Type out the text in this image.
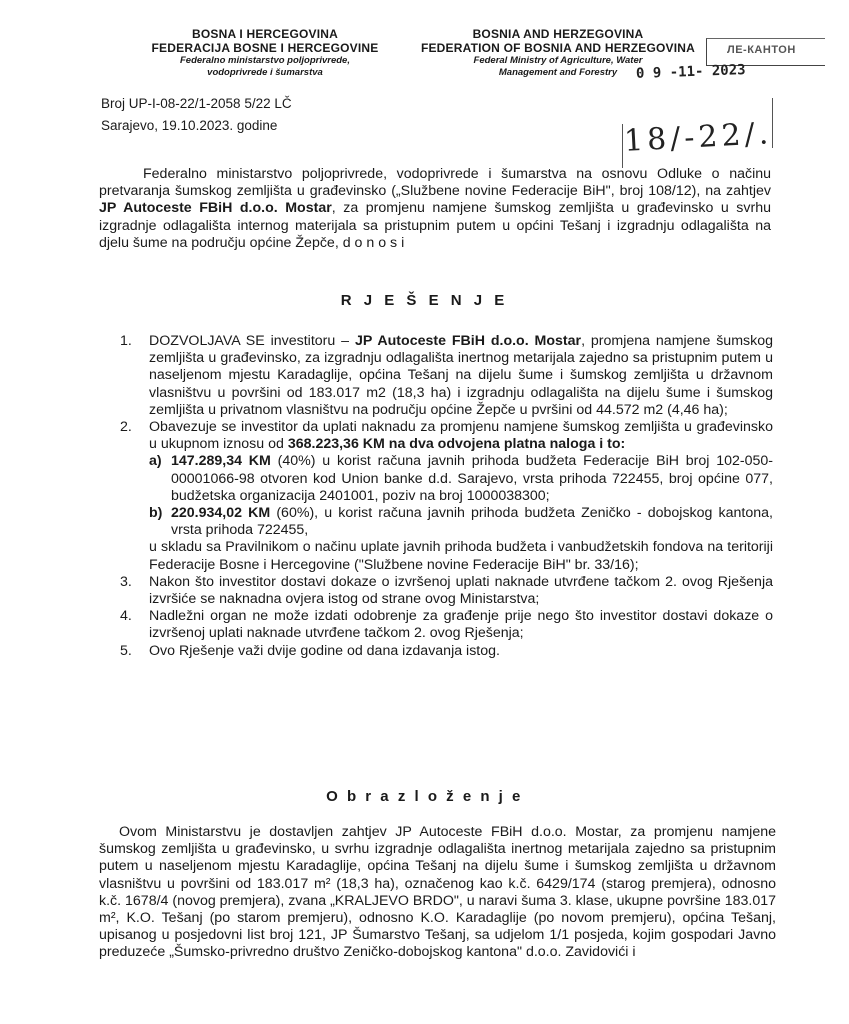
BOSNA I HERCEGOVINA
FEDERACIJA BOSNE I HERCEGOVINE
Federalno ministarstvo poljoprivrede,
vodoprivrede i šumarstva
BOSNIA AND HERZEGOVINA
FEDERATION OF BOSNIA AND HERZEGOVINA
Federal Ministry of Agriculture, Water
Management and Forestry
ЛЕ-КАНТОН
0 9 -11- 2023
18/-22/.
Broj UP-I-08-22/1-2058 5/22 LČ
Sarajevo, 19.10.2023. godine
Federalno ministarstvo poljoprivrede, vodoprivrede i šumarstva na osnovu Odluke o načinu pretvaranja šumskog zemljišta u građevinsko („Službene novine Federacije BiH", broj 108/12), na zahtjev JP Autoceste FBiH d.o.o. Mostar, za promjenu namjene šumskog zemljišta u građevinsko u svrhu izgradnje odlagališta internog materijala sa pristupnim putem u općini Tešanj i izgradnju odlagališta na djelu šume na području općine Žepče, d o n o s i
R J E Š E N J E
1. DOZVOLJAVA SE investitoru – JP Autoceste FBiH d.o.o. Mostar, promjena namjene šumskog zemljišta u građevinsko, za izgradnju odlagališta inertnog metarijala zajedno sa pristupnim putem u naseljenom mjestu Karadaglije, općina Tešanj na dijelu šume i šumskog zemljišta u državnom vlasništvu u površini od 183.017 m2 (18,3 ha) i izgradnju odlagališta na dijelu šume i šumskog zemljišta u privatnom vlasništvu na području općine Žepče u pvršini od 44.572 m2 (4,46 ha);
2. Obavezuje se investitor da uplati naknadu za promjenu namjene šumskog zemljišta u građevinsko u ukupnom iznosu od 368.223,36 KM na dva odvojena platna naloga i to:
a) 147.289,34 KM (40%) u korist računa javnih prihoda budžeta Federacije BiH broj 102-050-00001066-98 otvoren kod Union banke d.d. Sarajevo, vrsta prihoda 722455, broj općine 077, budžetska organizacija 2401001, poziv na broj 1000038300;
b) 220.934,02 KM (60%), u korist računa javnih prihoda budžeta Zeničko - dobojskog kantona, vrsta prihoda 722455,
u skladu sa Pravilnikom o načinu uplate javnih prihoda budžeta i vanbudžetskih fondova na teritoriji Federacije Bosne i Hercegovine ("Službene novine Federacije BiH" br. 33/16);
3. Nakon što investitor dostavi dokaze o izvršenoj uplati naknade utvrđene tačkom 2. ovog Rješenja izvršiće se naknadna ovjera istog od strane ovog Ministarstva;
4. Nadležni organ ne može izdati odobrenje za građenje prije nego što investitor dostavi dokaze o izvršenoj uplati naknade utvrđene tačkom 2. ovog Rješenja;
5. Ovo Rješenje važi dvije godine od dana izdavanja istog.
O b r a z l o ž e n j e
Ovom Ministarstvu je dostavljen zahtjev JP Autoceste FBiH d.o.o. Mostar, za promjenu namjene šumskog zemljišta u građevinsko, u svrhu izgradnje odlagališta inertnog metarijala zajedno sa pristupnim putem u naseljenom mjestu Karadaglije, općina Tešanj na dijelu šume i šumskog zemljišta u državnom vlasništvu u površini od 183.017 m² (18,3 ha), označenog kao k.č. 6429/174 (starog premjera), odnosno k.č. 1678/4 (novog premjera), zvana „KRALJEVO BRDO", u naravi šuma 3. klase, ukupne površine 183.017 m², K.O. Tešanj (po starom premjeru), odnosno K.O. Karadaglije (po novom premjeru), općina Tešanj, upisanog u posjedovni list broj 121, JP Šumarstvo Tešanj, sa udjelom 1/1 posjeda, kojim gospodari Javno preduzeće „Šumsko-privredno društvo Zeničko-dobojskog kantona" d.o.o. Zavidovići i
